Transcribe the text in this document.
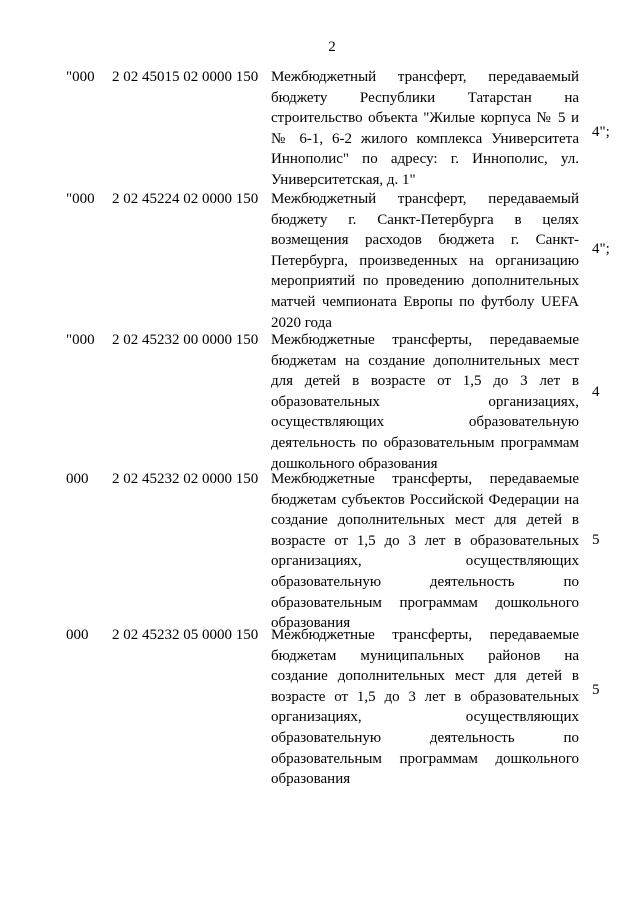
2
"000 2 02 45015 02 0000 150 Межбюджетный трансферт, передаваемый бюджету Республики Татарстан на строительство объекта "Жилые корпуса № 5 и № 6-1, 6-2 жилого комплекса Университета Иннополис" по адресу: г. Иннополис, ул. Университетская, д. 1"
4";
"000 2 02 45224 02 0000 150 Межбюджетный трансферт, передаваемый бюджету г. Санкт-Петербурга в целях возмещения расходов бюджета г. Санкт-Петербурга, произведенных на организацию мероприятий по проведению дополнительных матчей чемпионата Европы по футболу UEFA 2020 года
4";
"000 2 02 45232 00 0000 150 Межбюджетные трансферты, передаваемые бюджетам на создание дополнительных мест для детей в возрасте от 1,5 до 3 лет в образовательных организациях, осуществляющих образовательную деятельность по образовательным программам дошкольного образования
4
000 2 02 45232 02 0000 150 Межбюджетные трансферты, передаваемые бюджетам субъектов Российской Федерации на создание дополнительных мест для детей в возрасте от 1,5 до 3 лет в образовательных организациях, осуществляющих образовательную деятельность по образовательным программам дошкольного образования
5
000 2 02 45232 05 0000 150 Межбюджетные трансферты, передаваемые бюджетам муниципальных районов на создание дополнительных мест для детей в возрасте от 1,5 до 3 лет в образовательных организациях, осуществляющих образовательную деятельность по образовательным программам дошкольного образования
5
